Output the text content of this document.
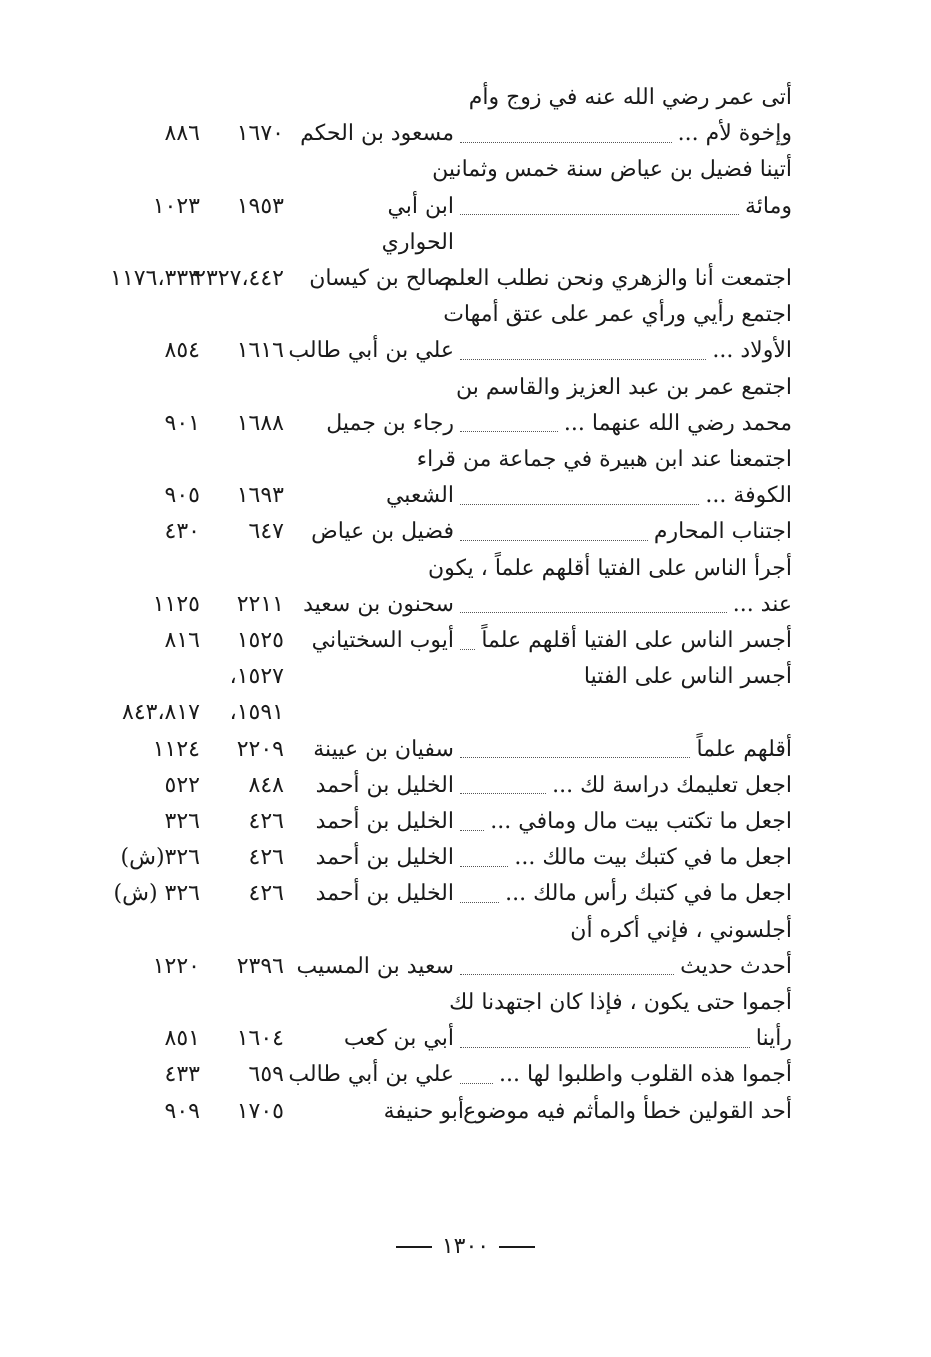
أتى عمر رضي الله عنه في زوج وأم
وإخوة لأم ...
مسعود بن الحكم
١٦٧٠
٨٨٦
أتينا فضيل بن عياض سنة خمس وثمانين
ومائة
ابن أبي
١٩٥٣
١٠٢٣
الحواري
اجتمعت أنا والزهري ونحن نطلب العلم
صالح بن كيسان
٢٣٢٧،٤٤٢
١١٧٦،٣٣٣
اجتمع رأيي ورأي عمر على عتق أمهات
الأولاد ...
علي بن أبي طالب
١٦١٦
٨٥٤
اجتمع عمر بن عبد العزيز والقاسم بن
محمد رضي الله عنهما ...
رجاء بن جميل
١٦٨٨
٩٠١
اجتمعنا عند ابن هبيرة في جماعة من قراء
الكوفة ...
الشعبي
١٦٩٣
٩٠٥
اجتناب المحارم
فضيل بن عياض
٦٤٧
٤٣٠
أجرأ الناس على الفتيا أقلهم علماً ، يكون
عند ...
سحنون بن سعيد
٢٢١١
١١٢٥
أجسر الناس على الفتيا أقلهم علماً
أيوب السختياني
١٥٢٥
٨١٦
أجسر الناس على الفتيا
١٥٢٧،
١٥٩١،
٨٤٣،٨١٧
أقلهم علماً
سفيان بن عيينة
٢٢٠٩
١١٢٤
اجعل تعليمك دراسة لك ...
الخليل بن أحمد
٨٤٨
٥٢٢
اجعل ما تكتب بيت مال ومافي ...
الخليل بن أحمد
٤٢٦
٣٢٦
اجعل ما في كتبك بيت مالك ...
الخليل بن أحمد
٤٢٦
٣٢٦(ش)
اجعل ما في كتبك رأس مالك ...
الخليل بن أحمد
٤٢٦
٣٢٦ (ش)
أجلسوني ، فإني أكره أن
أحدث حديث
سعيد بن المسيب
٢٣٩٦
١٢٢٠
أجموا حتى يكون ، فإذا كان اجتهدنا لك
رأينا
أبي بن كعب
١٦٠٤
٨٥١
أجموا هذه القلوب واطلبوا لها ...
علي بن أبي طالب
٦٥٩
٤٣٣
أحد القولين خطأ والمأثم فيه موضوع
أبو حنيفة
١٧٠٥
٩٠٩
١٣٠٠
